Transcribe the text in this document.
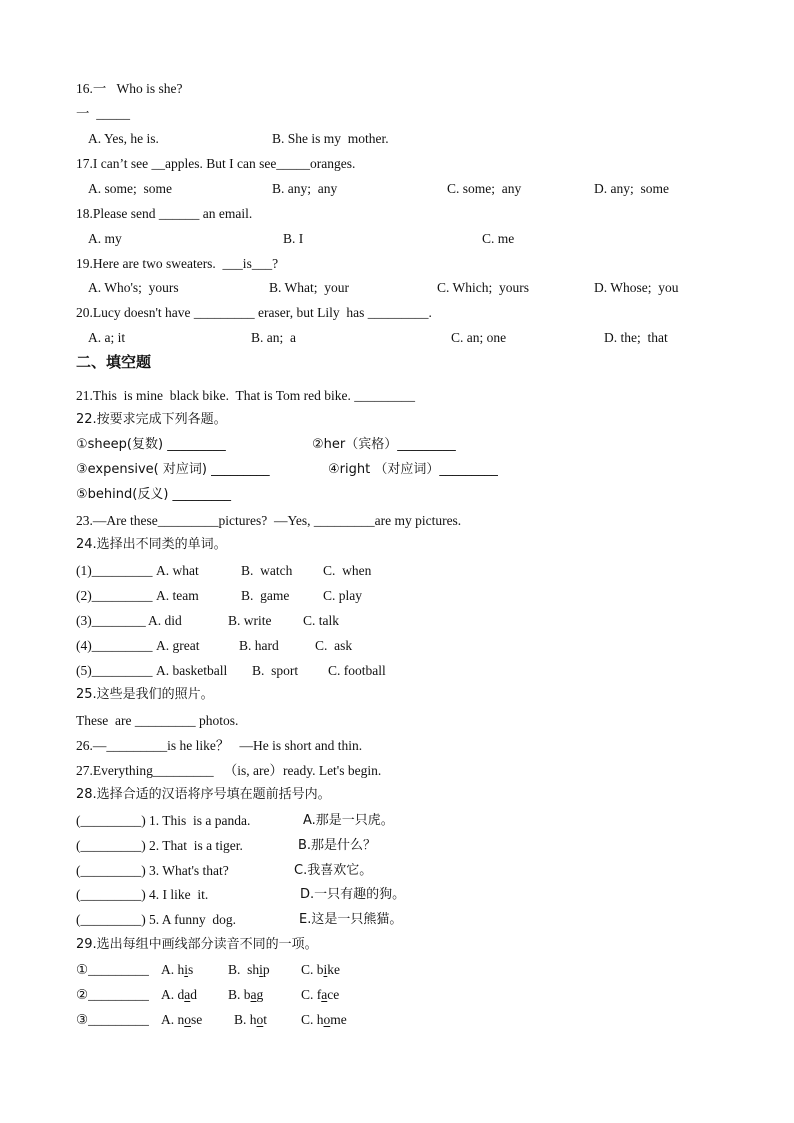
16.一   Who is she?
一  _____
A. Yes, he is.	B. She is my  mother.
17.I can’t see __apples. But I can see_____oranges.
A. some;  some	B. any;  any	C. some;  any	D. any;  some
18.Please send ______ an email.
A. my	B. I	C. me
19.Here are two sweaters.  ___is___?
A. Who's;  yours	B. What;  your	C. Which;  yours	D. Whose;  you
20.Lucy doesn't have _________ eraser, but Lily  has _________.
A. a; it	B. an;  a	C. an; one	D. the;  that
二、填空题
21.This  is mine  black bike.  That is Tom red bike. _________
22.按要求完成下列各题。
①sheep(复数) _________	②her（宾格）_________
③expensive( 对应词) _________	④right （对应词）_________
⑤behind(反义) _________
23.—Are these_________pictures?  —Yes, _________are my pictures.
24.选择出不同类的单词。
(1)_________ A. what	B.  watch C.  when
(2)_________ A. team	B.  game C. play
(3)________ A. did	B. write C. talk
(4)_________ A. great	B. hard	C.  ask
(5)_________ A. basketball B.  sport C. football
25.这些是我们的照片。
These  are _________ photos.
26.—_________is he like？   —He is short and thin.
27.Everything_________   （is, are）ready. Let's begin.
28.选择合适的汉语将序号填在题前括号内。
(_________) 1. This  is a panda.	A.那是一只虎。
(_________) 2. That  is a tiger.	B.那是什么？
(_________) 3. What's that?	C.我喜欢它。
(_________) 4. I like  it.	D.一只有趣的狗。
(_________) 5. A funny  dog.	E.这是一只熊猫。
29.选出每组中画线部分读音不同的一项。
①_________ A. his	B.  ship C. bike
②_________ A. dad B. bag	C. face
③_________ A. nose B. hot	C. home
